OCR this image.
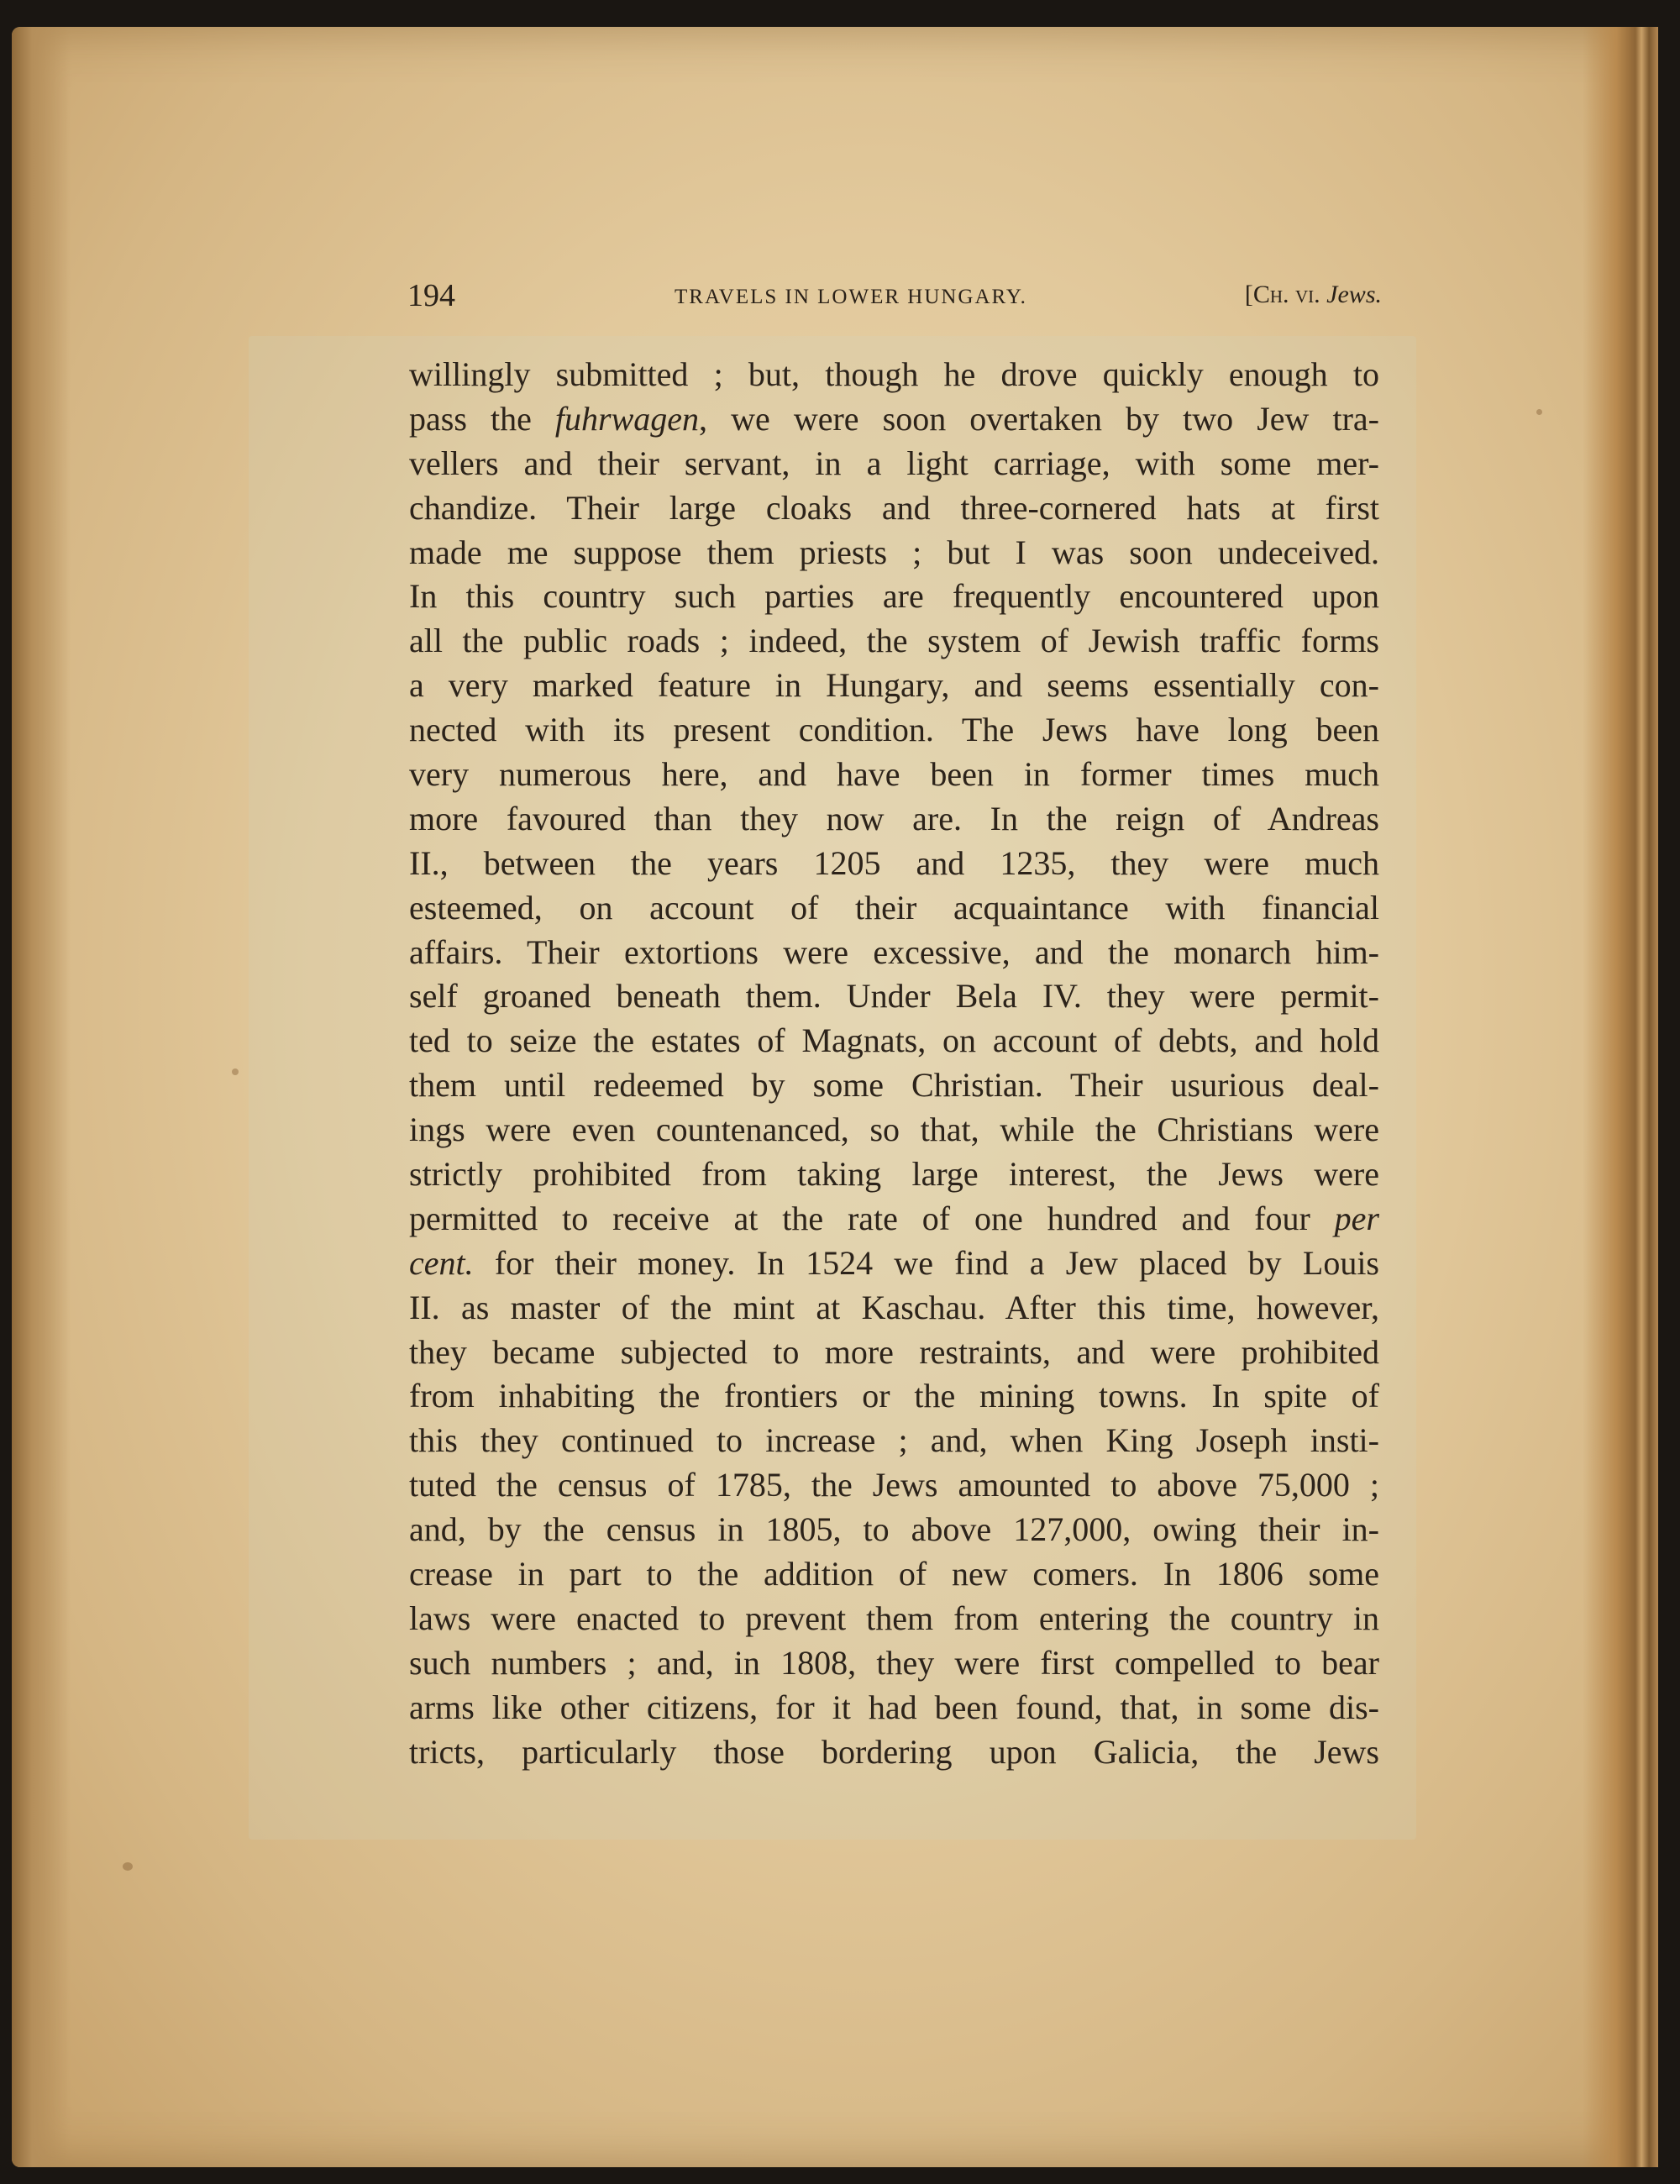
194	TRAVELS IN LOWER HUNGARY.	[Ch. vi. Jews.
willingly submitted ; but, though he drove quickly enough to
pass the fuhrwagen, we were soon overtaken by two Jew tra-
vellers and their servant, in a light carriage, with some mer-
chandize. Their large cloaks and three-cornered hats at first
made me suppose them priests ; but I was soon undeceived.
In this country such parties are frequently encountered upon
all the public roads ; indeed, the system of Jewish traffic forms
a very marked feature in Hungary, and seems essentially con-
nected with its present condition. The Jews have long been
very numerous here, and have been in former times much
more favoured than they now are. In the reign of Andreas
II., between the years 1205 and 1235, they were much
esteemed, on account of their acquaintance with financial
affairs. Their extortions were excessive, and the monarch him-
self groaned beneath them. Under Bela IV. they were permit-
ted to seize the estates of Magnats, on account of debts, and hold
them until redeemed by some Christian. Their usurious deal-
ings were even countenanced, so that, while the Christians were
strictly prohibited from taking large interest, the Jews were
permitted to receive at the rate of one hundred and four per
cent. for their money. In 1524 we find a Jew placed by Louis
II. as master of the mint at Kaschau. After this time, however,
they became subjected to more restraints, and were prohibited
from inhabiting the frontiers or the mining towns. In spite of
this they continued to increase ; and, when King Joseph insti-
tuted the census of 1785, the Jews amounted to above 75,000 ;
and, by the census in 1805, to above 127,000, owing their in-
crease in part to the addition of new comers. In 1806 some
laws were enacted to prevent them from entering the country in
such numbers ; and, in 1808, they were first compelled to bear
arms like other citizens, for it had been found, that, in some dis-
tricts, particularly those bordering upon Galicia, the Jews
